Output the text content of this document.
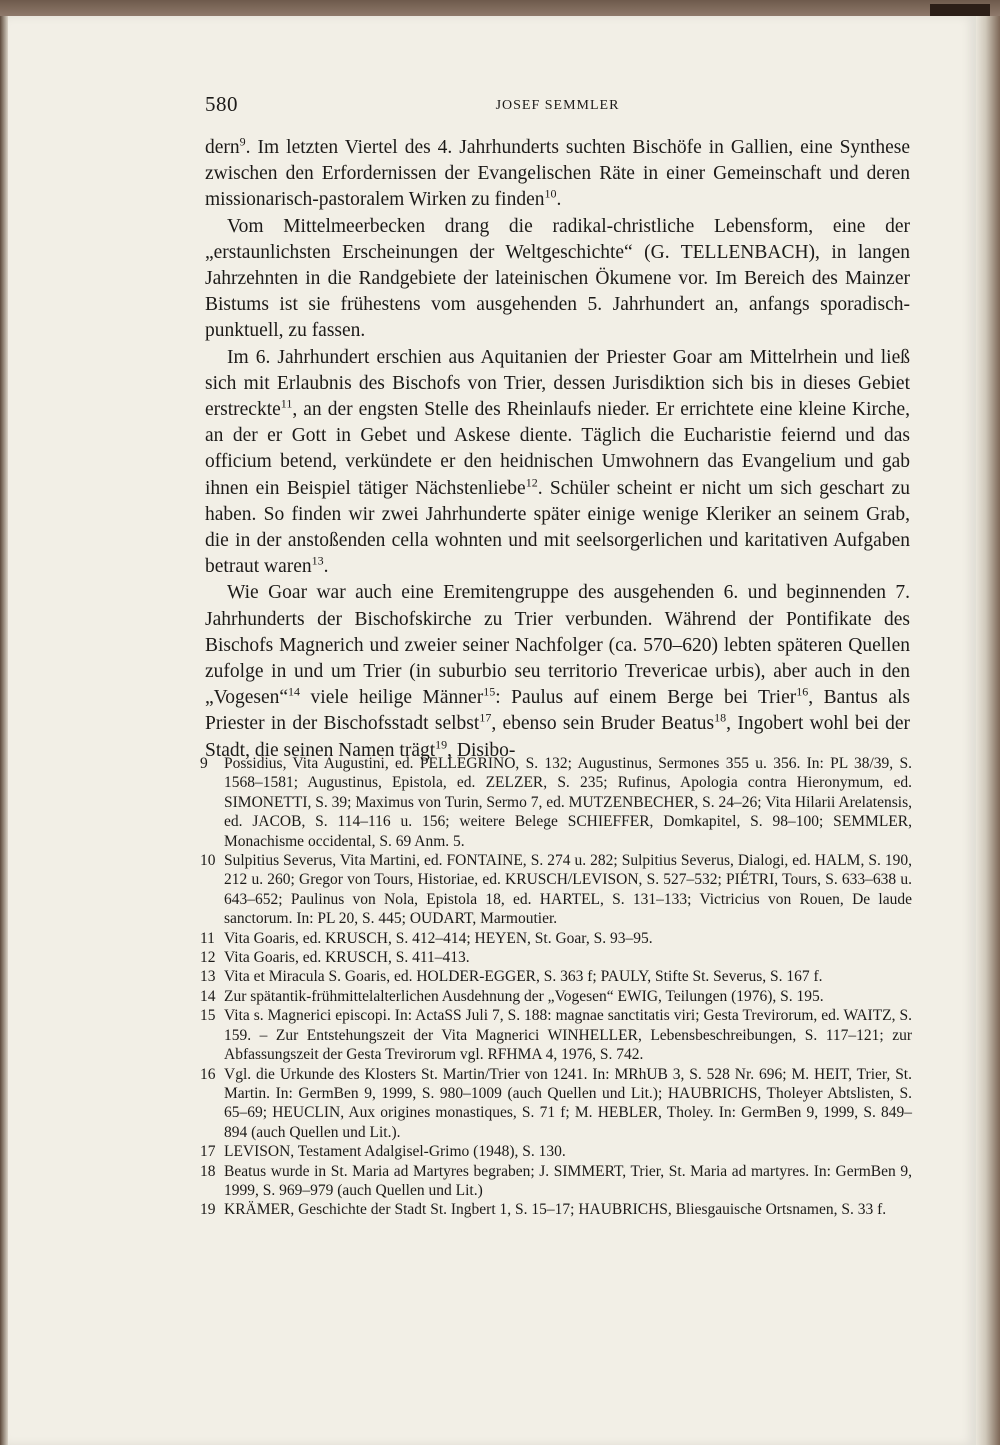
580	JOSEF SEMMLER

dern$^9$. Im letzten Viertel des 4. Jahrhunderts suchten Bischöfe in Gallien, eine Synthese zwischen den Erfordernissen der Evangelischen Räte in einer Gemeinschaft und deren missionarisch-pastoralem Wirken zu finden$^{10}$.

Vom Mittelmeerbecken drang die radikal-christliche Lebensform, eine der „erstaunlichsten Erscheinungen der Weltgeschichte“ (G. TELLENBACH), in langen Jahrzehnten in die Randgebiete der lateinischen Ökumene vor. Im Bereich des Mainzer Bistums ist sie frühestens vom ausgehenden 5. Jahrhundert an, anfangs sporadisch-punktuell, zu fassen.

Im 6. Jahrhundert erschien aus Aquitanien der Priester Goar am Mittelrhein und ließ sich mit Erlaubnis des Bischofs von Trier, dessen Jurisdiktion sich bis in dieses Gebiet erstreckte$^{11}$, an der engsten Stelle des Rheinlaufs nieder. Er errichtete eine kleine Kirche, an der er Gott in Gebet und Askese diente. Täglich die Eucharistie feiernd und das officium betend, verkündete er den heidnischen Umwohnern das Evangelium und gab ihnen ein Beispiel tätiger Nächstenliebe$^{12}$. Schüler scheint er nicht um sich geschart zu haben. So finden wir zwei Jahrhunderte später einige wenige Kleriker an seinem Grab, die in der anstoßenden cella wohnten und mit seelsorgerlichen und karitativen Aufgaben betraut waren$^{13}$.

Wie Goar war auch eine Eremitengruppe des ausgehenden 6. und beginnenden 7. Jahrhunderts der Bischofskirche zu Trier verbunden. Während der Pontifikate des Bischofs Magnerich und zweier seiner Nachfolger (ca. 570–620) lebten späteren Quellen zufolge in und um Trier (in suburbio seu territorio Trevericae urbis), aber auch in den „Vogesen“$^{14}$ viele heilige Männer$^{15}$: Paulus auf einem Berge bei Trier$^{16}$, Bantus als Priester in der Bischofsstadt selbst$^{17}$, ebenso sein Bruder Beatus$^{18}$, Ingobert wohl bei der Stadt, die seinen Namen trägt$^{19}$, Disibo-

9	Possidius, Vita Augustini, ed. PELLEGRINO, S. 132; Augustinus, Sermones 355 u. 356. In: PL 38/39, S. 1568–1581; Augustinus, Epistola, ed. ZELZER, S. 235; Rufinus, Apologia contra Hieronymum, ed. SIMONETTI, S. 39; Maximus von Turin, Sermo 7, ed. MUTZENBECHER, S. 24–26; Vita Hilarii Arelatensis, ed. JACOB, S. 114–116 u. 156; weitere Belege SCHIEFFER, Domkapitel, S. 98–100; SEMMLER, Monachisme occidental, S. 69 Anm. 5.
10 Sulpitius Severus, Vita Martini, ed. FONTAINE, S. 274 u. 282; Sulpitius Severus, Dialogi, ed. HALM, S. 190, 212 u. 260; Gregor von Tours, Historiae, ed. KRUSCH/LEVISON, S. 527–532; PIÉTRI, Tours, S. 633–638 u. 643–652; Paulinus von Nola, Epistola 18, ed. HARTEL, S. 131–133; Victricius von Rouen, De laude sanctorum. In: PL 20, S. 445; OUDART, Marmoutier.
11 Vita Goaris, ed. KRUSCH, S. 412–414; HEYEN, St. Goar, S. 93–95.
12 Vita Goaris, ed. KRUSCH, S. 411–413.
13 Vita et Miracula S. Goaris, ed. HOLDER-EGGER, S. 363 f; PAULY, Stifte St. Severus, S. 167 f.
14 Zur spätantik-frühmittelalterlichen Ausdehnung der „Vogesen“ EWIG, Teilungen (1976), S. 195.
15 Vita s. Magnerici episcopi. In: ActaSS Juli 7, S. 188: magnae sanctitatis viri; Gesta Trevirorum, ed. WAITZ, S. 159. – Zur Entstehungszeit der Vita Magnerici WINHELLER, Lebensbeschreibungen, S. 117–121; zur Abfassungszeit der Gesta Trevirorum vgl. RFHMA 4, 1976, S. 742.
16 Vgl. die Urkunde des Klosters St. Martin/Trier von 1241. In: MRhUB 3, S. 528 Nr. 696; M. HEIT, Trier, St. Martin. In: GermBen 9, 1999, S. 980–1009 (auch Quellen und Lit.); HAUBRICHS, Tholeyer Abtslisten, S. 65–69; HEUCLIN, Aux origines monastiques, S. 71 f; M. HEBLER, Tholey. In: GermBen 9, 1999, S. 849–894 (auch Quellen und Lit.).
17 LEVISON, Testament Adalgisel-Grimo (1948), S. 130.
18 Beatus wurde in St. Maria ad Martyres begraben; J. SIMMERT, Trier, St. Maria ad martyres. In: GermBen 9, 1999, S. 969–979 (auch Quellen und Lit.)
19 KRÄMER, Geschichte der Stadt St. Ingbert 1, S. 15–17; HAUBRICHS, Bliesgauische Ortsnamen, S. 33 f.
